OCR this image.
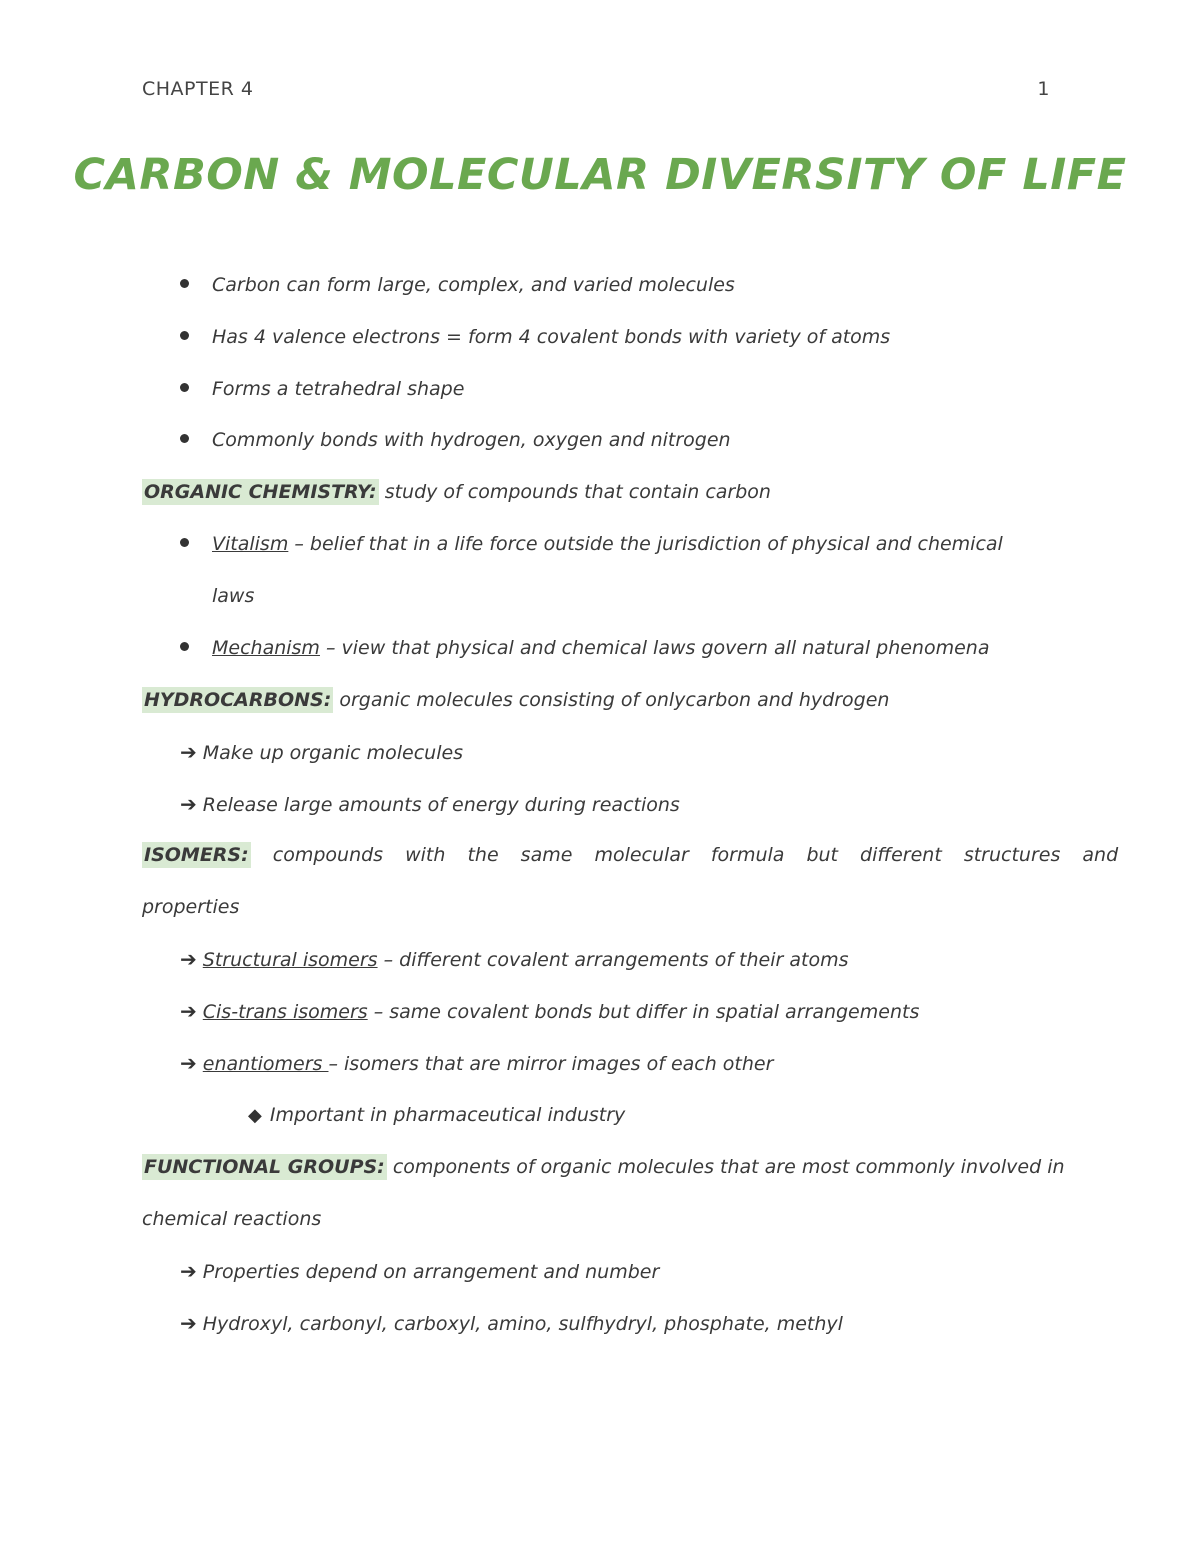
CHAPTER 4	1
CARBON & MOLECULAR DIVERSITY OF LIFE
Carbon can form large, complex, and varied molecules
Has 4 valence electrons = form 4 covalent bonds with variety of atoms
Forms a tetrahedral shape
Commonly bonds with hydrogen, oxygen and nitrogen
ORGANIC CHEMISTRY: study of compounds that contain carbon
Vitalism – belief that in a life force outside the jurisdiction of physical and chemical
laws
Mechanism – view that physical and chemical laws govern all natural phenomena
HYDROCARBONS: organic molecules consisting of onlycarbon and hydrogen
➔ Make up organic molecules
➔ Release large amounts of energy during reactions
ISOMERS: compounds with the same molecular formula but different structures and
properties
➔ Structural isomers – different covalent arrangements of their atoms
➔ Cis-trans isomers – same covalent bonds but differ in spatial arrangements
➔ enantiomers – isomers that are mirror images of each other
◆ Important in pharmaceutical industry
FUNCTIONAL GROUPS: components of organic molecules that are most commonly involved in
chemical reactions
➔ Properties depend on arrangement and number
➔ Hydroxyl, carbonyl, carboxyl, amino, sulfhydryl, phosphate, methyl
